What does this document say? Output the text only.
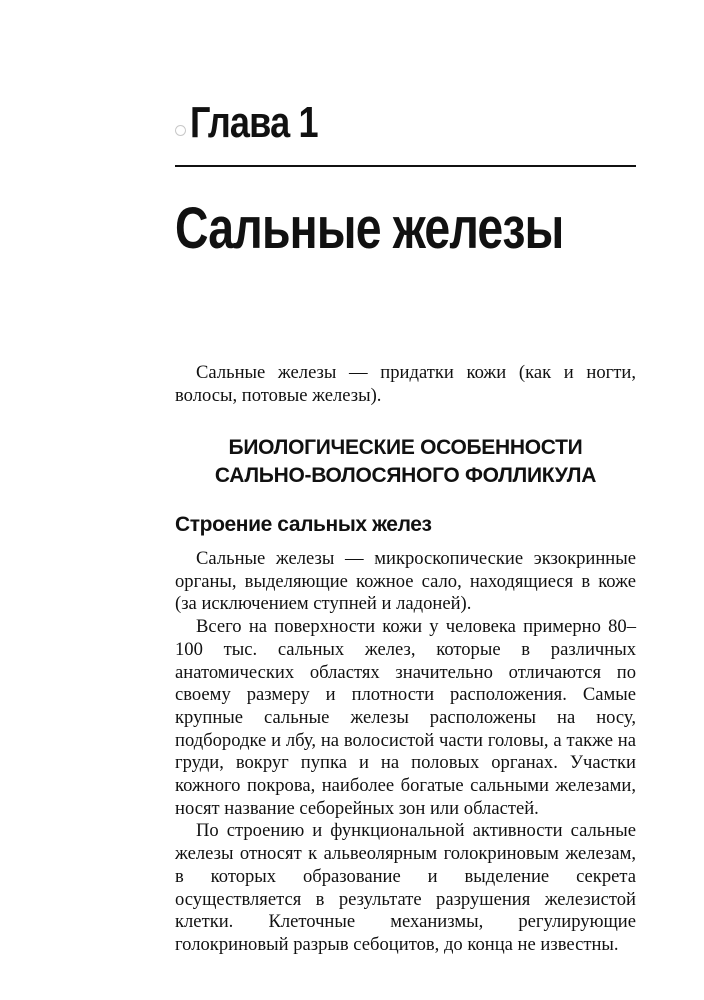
Глава 1
Сальные железы

Сальные железы — придатки кожи (как и ногти, волосы, потовые железы).

БИОЛОГИЧЕСКИЕ ОСОБЕННОСТИ
САЛЬНО-ВОЛОСЯНОГО ФОЛЛИКУЛА
Строение сальных желез

Сальные железы — микроскопические экзокринные органы, выделяющие кожное сало, находящиеся в коже (за исключением ступней и ладоней).

Всего на поверхности кожи у человека примерно 80–100 тыс. сальных желез, которые в различных анатомических областях значительно отличаются по своему размеру и плотности расположения. Самые крупные сальные железы расположены на носу, подбородке и лбу, на волосистой части головы, а также на груди, вокруг пупка и на половых органах. Участки кожного покрова, наиболее богатые сальными железами, носят название себорейных зон или областей.

По строению и функциональной активности сальные железы относят к альвеолярным голокриновым железам, в которых образование и выделение секрета осуществляется в результате разрушения железистой клетки. Клеточные механизмы, регулирующие голокриновый разрыв себоцитов, до конца не известны.
